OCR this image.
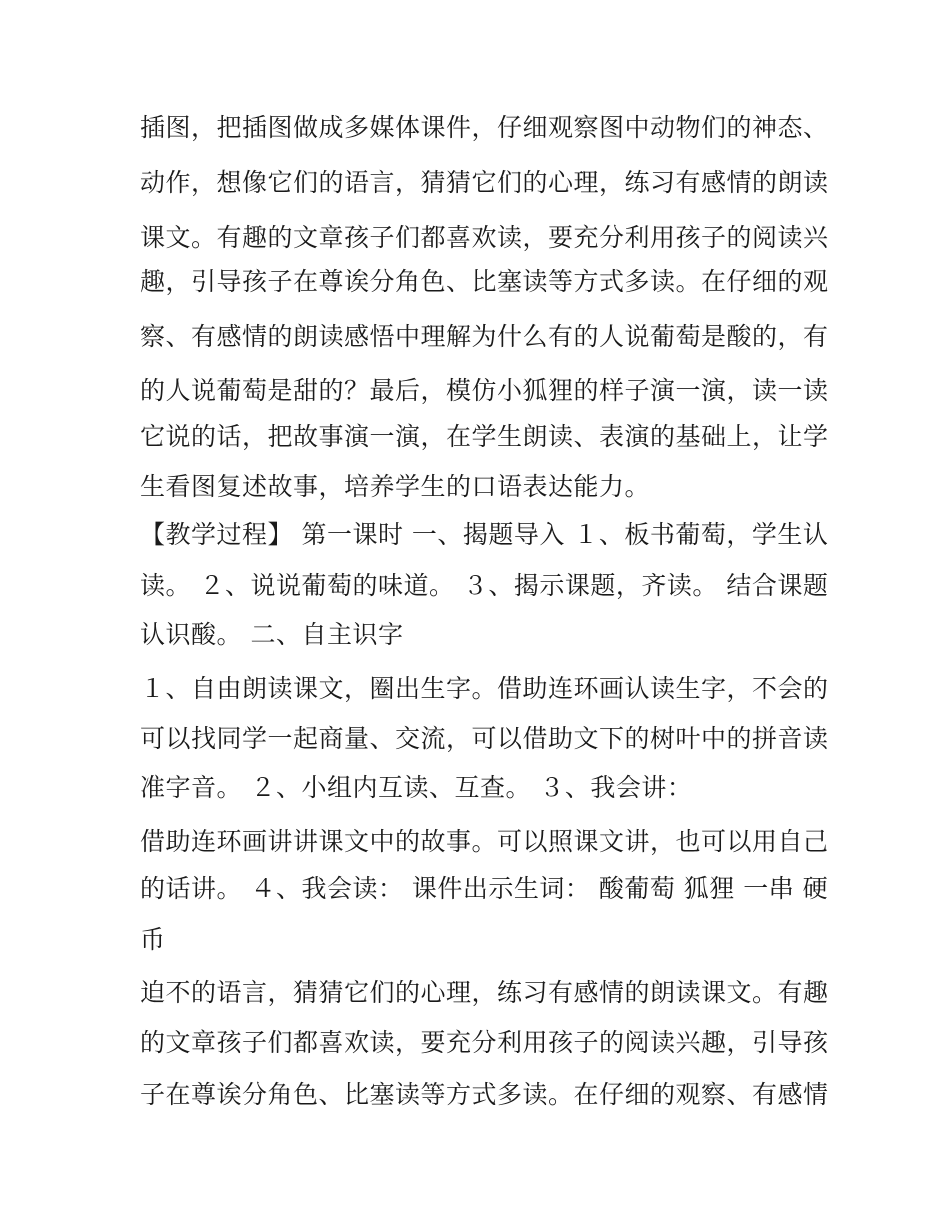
插图，把插图做成多媒体课件，仔细观察图中动物们的神态、
动作，想像它们的语言，猜猜它们的心理，练习有感情的朗读
课文。有趣的文章孩子们都喜欢读，要充分利用孩子的阅读兴
趣，引导孩子在尊诶分角色、比塞读等方式多读。在仔细的观
察、有感情的朗读感悟中理解为什么有的人说葡萄是酸的，有
的人说葡萄是甜的？最后，模仿小狐狸的样子演一演，读一读
它说的话，把故事演一演，在学生朗读、表演的基础上，让学
生看图复述故事，培养学生的口语表达能力。
【教学过程】 第一课时 一、揭题导入 １、板书葡萄，学生认
读。 ２、说说葡萄的味道。 ３、揭示课题，齐读。 结合课题
认识酸。 二、自主识字
１、自由朗读课文，圈出生字。借助连环画认读生字，不会的
可以找同学一起商量、交流，可以借助文下的树叶中的拼音读
准字音。 ２、小组内互读、互查。 ３、我会讲：
借助连环画讲讲课文中的故事。可以照课文讲，也可以用自己
的话讲。 ４、我会读： 课件出示生词： 酸葡萄 狐狸 一串 硬
币
迫不的语言，猜猜它们的心理，练习有感情的朗读课文。有趣
的文章孩子们都喜欢读，要充分利用孩子的阅读兴趣，引导孩
子在尊诶分角色、比塞读等方式多读。在仔细的观察、有感情
